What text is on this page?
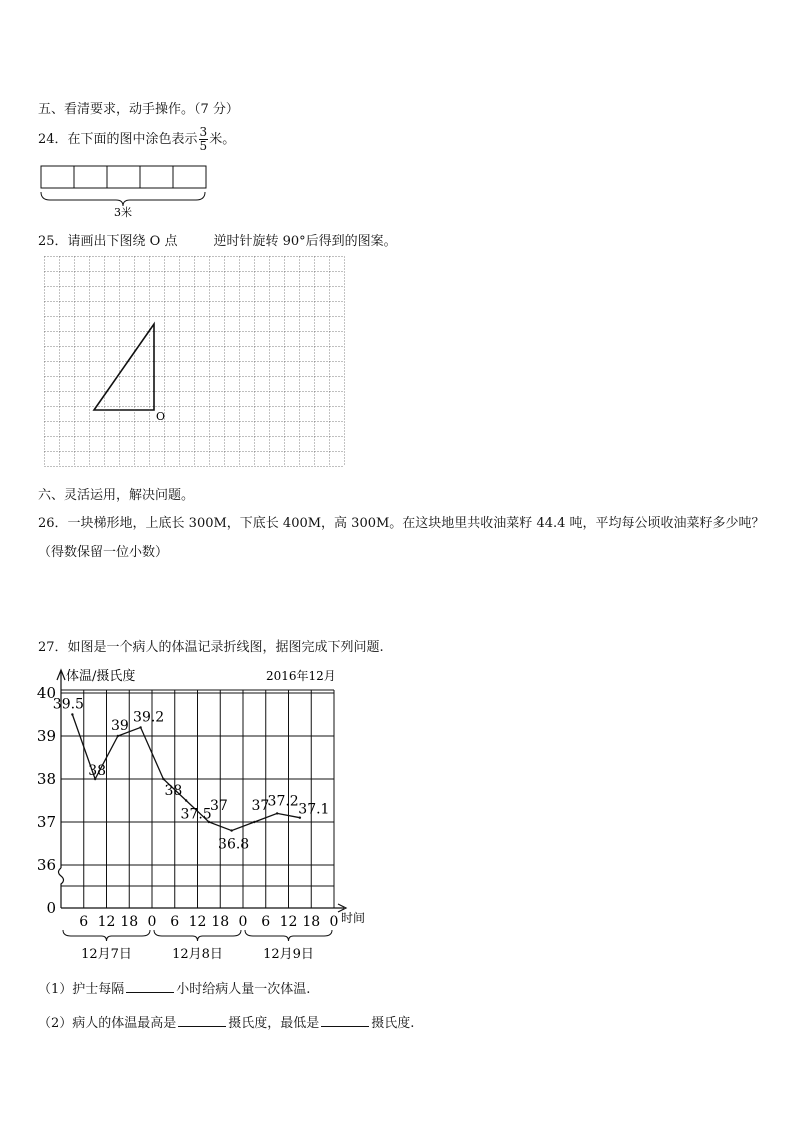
五、看清要求，动手操作。（7 分）
24．在下面的图中涂色表示 $\frac{3}{5}$ 米。
3米
25．请画出下图绕 O 点	逆时针旋转 90°后得到的图案。
O
六、灵活运用，解决问题。
26．一块梯形地，上底长 300M，下底长 400M，高 300M。在这块地里共收油菜籽 44.4 吨，平均每公顷收油菜籽多少吨？
（得数保留一位小数）
27．如图是一个病人的体温记录折线图，据图完成下列问题.
体温/摄氏度	2016年12月
时间
0
36
37
38
39
40
6 12 18 0 6 12 18 0 6 12 18 0
12月7日	12月8日	12月9日
39.5
38
39
39.2
38
37.5
37
36.8
37
37.2
37.1
（1）护士每隔	小时给病人量一次体温.
（2）病人的体温最高是	摄氏度，最低是	摄氏度.
